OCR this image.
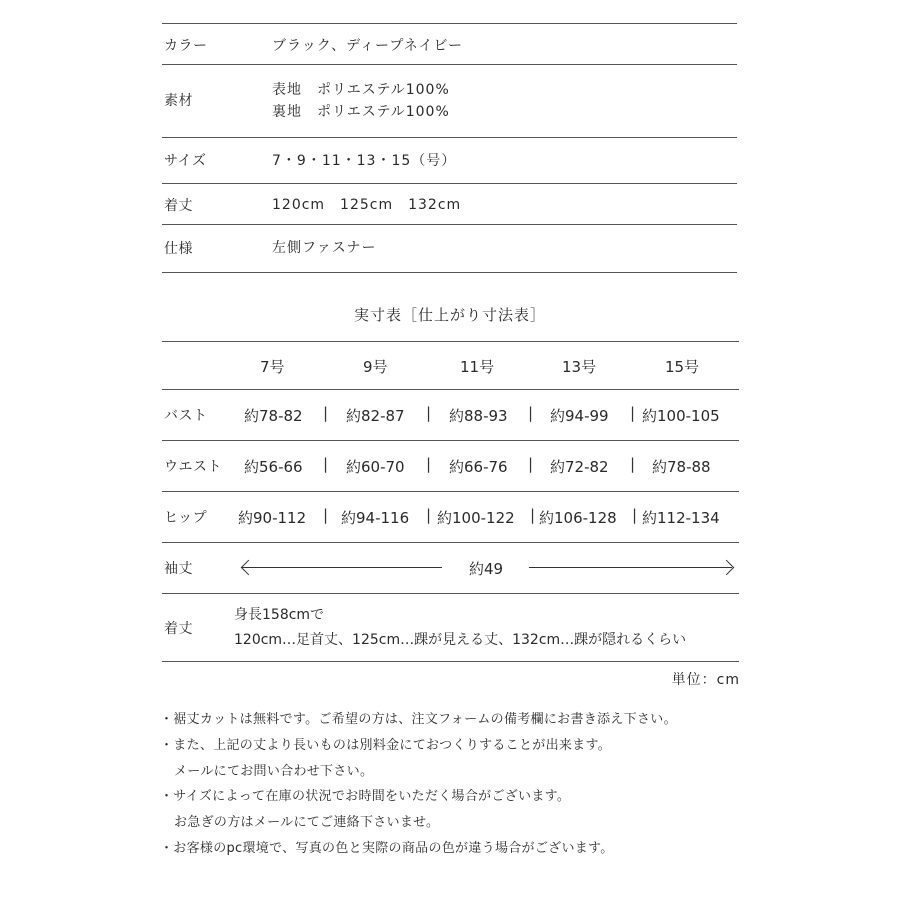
カラー	ブラック、ディープネイビー
素材
表地　ポリエステル100%
裏地　ポリエステル100%
サイズ	7・9・11・13・15（号）
着丈	120cm　125cm　132cm
仕様	左側ファスナー
実寸表［仕上がり寸法表］
7号	9号	11号	13号	15号
バスト 約78-82 | 約82-87 | 約88-93 | 約94-99 | 約100-105
ウエスト 約56-66 | 約60-70 | 約66-76 | 約72-82 | 約78-88
ヒップ 約90-112 | 約94-116 | 約100-122 | 約106-128 | 約112-134
袖丈	約49
着丈
身長158cmで
120cm…足首丈、125cm…踝が見える丈、132cm…踝が隠れるくらい
単位：cm
・裾丈カットは無料です。ご希望の方は、注文フォームの備考欄にお書き添え下さい。
・また、上記の丈より長いものは別料金にておつくりすることが出来ます。
メールにてお問い合わせ下さい。
・サイズによって在庫の状況でお時間をいただく場合がございます。
お急ぎの方はメールにてご連絡下さいませ。
・お客様のpc環境で、写真の色と実際の商品の色が違う場合がございます。
